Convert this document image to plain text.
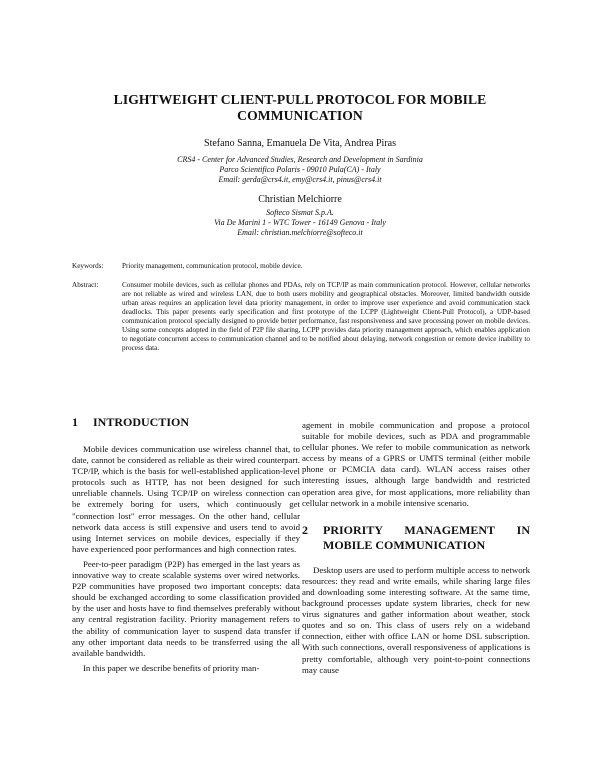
LIGHTWEIGHT CLIENT-PULL PROTOCOL FOR MOBILE
COMMUNICATION
Stefano Sanna, Emanuela De Vita, Andrea Piras
CRS4 - Center for Advanced Studies, Research and Development in Sardinia
Parco Scientifico Polaris - 09010 Pula(CA) - Italy
Email: gerda@crs4.it, emy@crs4.it, pinus@crs4.it
Christian Melchiorre
Softeco Sismat S.p.A.
Via De Marini 1 - WTC Tower - 16149 Genova - Italy
Email: christian.melchiorre@softeco.it
Keywords:	Priority management, communication protocol, mobile device.
Abstract:	Consumer mobile devices, such as cellular phones and PDAs, rely on TCP/IP as main communication protocol. However, cellular networks are not reliable as wired and wireless LAN, due to both users mobility and geographical obstacles. Moreover, limited bandwidth outside urban areas requires an application level data priority management, in order to improve user experience and avoid communication stack deadlocks. This paper presents early specification and first prototype of the LCPP (Lightweight Client-Pull Protocol), a UDP-based communication protocol specially designed to provide better performance, fast responsiveness and save processing power on mobile devices. Using some concepts adopted in the field of P2P file sharing, LCPP provides data priority management approach, which enables application to negotiate concurrent access to communication channel and to be notified about delaying, network congestion or remote device inability to process data.
1	INTRODUCTION

Mobile devices communication use wireless channel that, to date, cannot be considered as reliable as their wired counterpart. TCP/IP, which is the basis for well-established application-level protocols such as HTTP, has not been designed for such unreliable channels. Using TCP/IP on wireless connection can be extremely boring for users, which continuously get "connection lost" error messages. On the other hand, cellular network data access is still expensive and users tend to avoid using Internet services on mobile devices, especially if they have experienced poor performances and high connection rates.

Peer-to-peer paradigm (P2P) has emerged in the last years as innovative way to create scalable systems over wired networks. P2P communities have proposed two important concepts: data should be exchanged according to some classification provided by the user and hosts have to find themselves preferably without any central registration facility. Priority management refers to the ability of communication layer to suspend data transfer if any other important data needs to be transferred using the all available bandwidth.

In this paper we describe benefits of priority man-

agement in mobile communication and propose a protocol suitable for mobile devices, such as PDA and programmable cellular phones. We refer to mobile communication as network access by means of a GPRS or UMTS terminal (either mobile phone or PCMCIA data card). WLAN access raises other interesting issues, although large bandwidth and restricted operation area give, for most applications, more reliability than cellular network in a mobile intensive scenario.

2	PRIORITY MANAGEMENT IN MOBILE COMMUNICATION

Desktop users are used to perform multiple access to network resources: they read and write emails, while sharing large files and downloading some interesting software. At the same time, background processes update system libraries, check for new virus signatures and gather information about weather, stock quotes and so on. This class of users rely on a wideband connection, either with office LAN or home DSL subscription. With such connections, overall responsiveness of applications is pretty comfortable, although very point-to-point connections may cause
